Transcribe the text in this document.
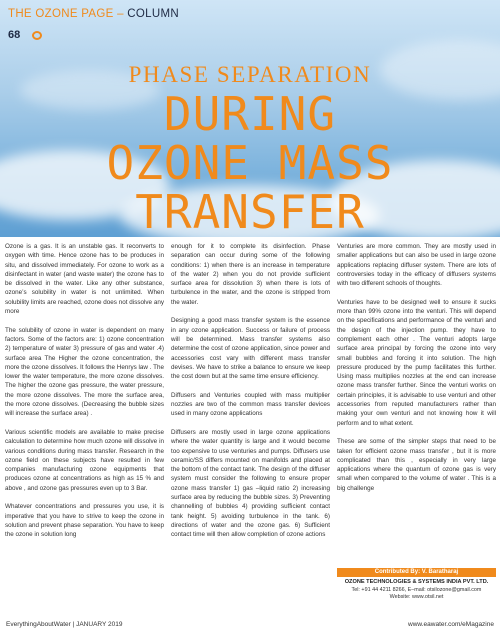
THE OZONE PAGE – COLUMN
68
PHASE SEPARATION
DURING
OZONE MASS
TRANSFER

Ozone is a gas. It is an unstable gas. It reconverts to oxygen with time. Hence ozone has to be produces in situ, and dissolved immediately. For ozone to work as a disinfectant in water (and waste water) the ozone has to be dissolved in the water. Like any other substance, ozone’s solubility in water is not unlimited. When solubility limits are reached, ozone does not dissolve any more

The solubility of ozone in water is dependent on many factors. Some of the factors are: 1) ozone concentration 2) temperature of water 3) pressure of gas and water .4) surface area The Higher the ozone concentration, the more the ozone dissolves. It follows the Henrys law . The lower the water temperature, the more ozone dissolves. The higher the ozone gas pressure, the water pressure, the more ozone dissolves. The more the surface area, the more ozone dissolves. (Decreasing the bubble sizes will increase the surface area) .

Various scientific models are available to make precise calculation to determine how much ozone will dissolve in various conditions during mass transfer. Research in the ozone field on these subjects have resulted in few companies manufacturing ozone equipments that produces ozone at concentrations as high as 15 % and above , and ozone gas pressures even up to 3 Bar.

Whatever concentrations and pressures you use, it is imperative that you have to strive to keep the ozone in solution and prevent phase separation. You have to keep the ozone in solution long

enough for it to complete its disinfection. Phase separation can occur during some of the following conditions: 1) when there is an increase in temperature of the water 2) when you do not provide sufficient surface area for dissolution 3) when there is lots of turbulence in the water, and the ozone is stripped from the water.

Designing a good mass transfer system is the essence in any ozone application. Success or failure of process will be determined. Mass transfer systems also determine the cost of ozone application, since power and accessories cost vary with different mass transfer devises. We have to strike a balance to ensure we keep the cost down but at the same time ensure efficiency.

Diffusers and Venturies coupled with mass multiplier nozzles are two of the common mass transfer devices used in many ozone applications

Diffusers are mostly used in large ozone applications where the water quantity is large and it would become too expensive to use venturies and pumps. Diffusers use ceramic/SS differs mounted on manifolds and placed at the bottom of the contact tank. The design of the diffuser system must consider the following to ensure proper ozone mass transfer 1) gas –liquid ratio 2) increasing surface area by reducing the bubble sizes. 3) Preventing channelling of bubbles 4) providing sufficient contact tank height. 5) avoiding turbulence in the tank. 6) directions of water and the ozone gas. 6) Sufficient contact time will then allow completion of ozone actions

Venturies are more common. They are mostly used in smaller applications but can also be used in large ozone applications replacing diffuser system. There are lots of controversies today in the efficacy of diffusers systems with two different schools of thoughts.

Venturies have to be designed well to ensure it sucks more than 99% ozone into the venturi. This will depend on the specifications and performance of the venturi and the design of the injection pump. they have to complement each other . The venturi adopts large surface area principal by forcing the ozone into very small bubbles and forcing it into solution. The high pressure produced by the pump facilitates this further. Using mass multiplies nozzles at the end can increase ozone mass transfer further. Since the venturi works on certain principles, it is advisable to use venturi and other accessories from reputed manufacturers rather than making your own venturi and not knowing how it will perform and to what extent.

These are some of the simpler steps that need to be taken for efficient ozone mass transfer , but it is more complicated than this , especially in very large applications where the quantum of ozone gas is very small when compared to the volume of water . This is a big challenge

Contributed By: V. Baratharaj
OZONE TECHNOLOGIES & SYSTEMS INDIA PVT. LTD.
Tel: +91 44 4211 8266, E–mail: otsilozone@gmail.com
Website: www.otsil.net
EverythingAboutWater | JANUARY 2019	www.eawater.com/eMagazine
